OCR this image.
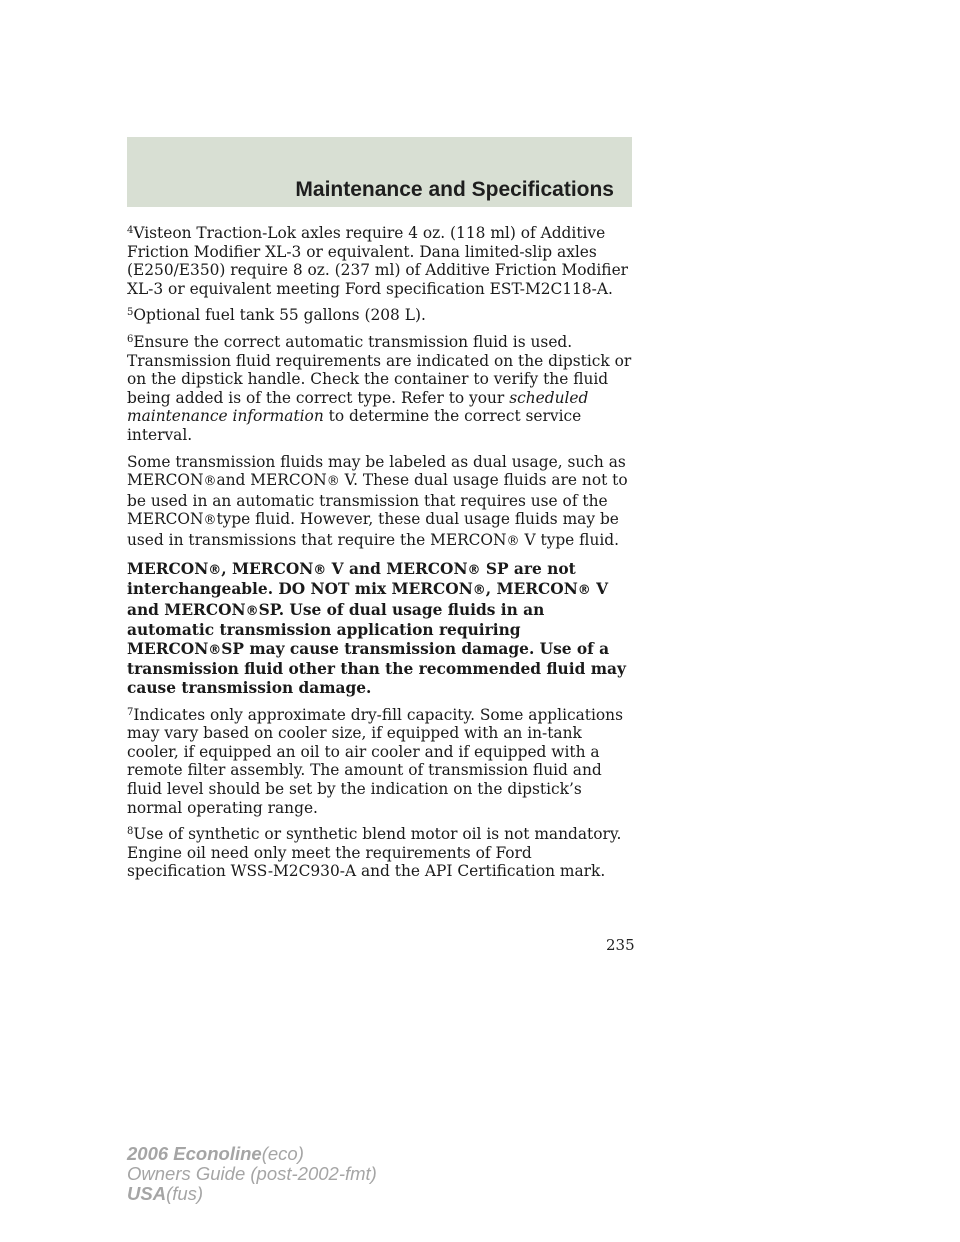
Maintenance and Specifications

$^4$Visteon Traction-Lok axles require 4 oz. (118 ml) of Additive Friction Modifier XL-3 or equivalent. Dana limited-slip axles (E250/E350) require 8 oz. (237 ml) of Additive Friction Modifier XL-3 or equivalent meeting Ford specification EST-M2C118-A.

$^5$Optional fuel tank 55 gallons (208 L).

$^6$Ensure the correct automatic transmission fluid is used. Transmission fluid requirements are indicated on the dipstick or on the dipstick handle. Check the container to verify the fluid being added is of the correct type. Refer to your scheduled maintenance information to determine the correct service interval.

Some transmission fluids may be labeled as dual usage, such as MERCON®and MERCON® V. These dual usage fluids are not to be used in an automatic transmission that requires use of the MERCON®type fluid. However, these dual usage fluids may be used in transmissions that require the MERCON® V type fluid.

MERCON®, MERCON® V and MERCON® SP are not interchangeable. DO NOT mix MERCON®, MERCON® V and MERCON®SP. Use of dual usage fluids in an automatic transmission application requiring MERCON®SP may cause transmission damage. Use of a transmission fluid other than the recommended fluid may cause transmission damage.

$^7$Indicates only approximate dry-fill capacity. Some applications may vary based on cooler size, if equipped with an in-tank cooler, if equipped an oil to air cooler and if equipped with a remote filter assembly. The amount of transmission fluid and fluid level should be set by the indication on the dipstick’s normal operating range.

$^8$Use of synthetic or synthetic blend motor oil is not mandatory. Engine oil need only meet the requirements of Ford specification WSS-M2C930-A and the API Certification mark.

235
2006 Econoline(eco)
Owners Guide (post-2002-fmt)
USA(fus)
